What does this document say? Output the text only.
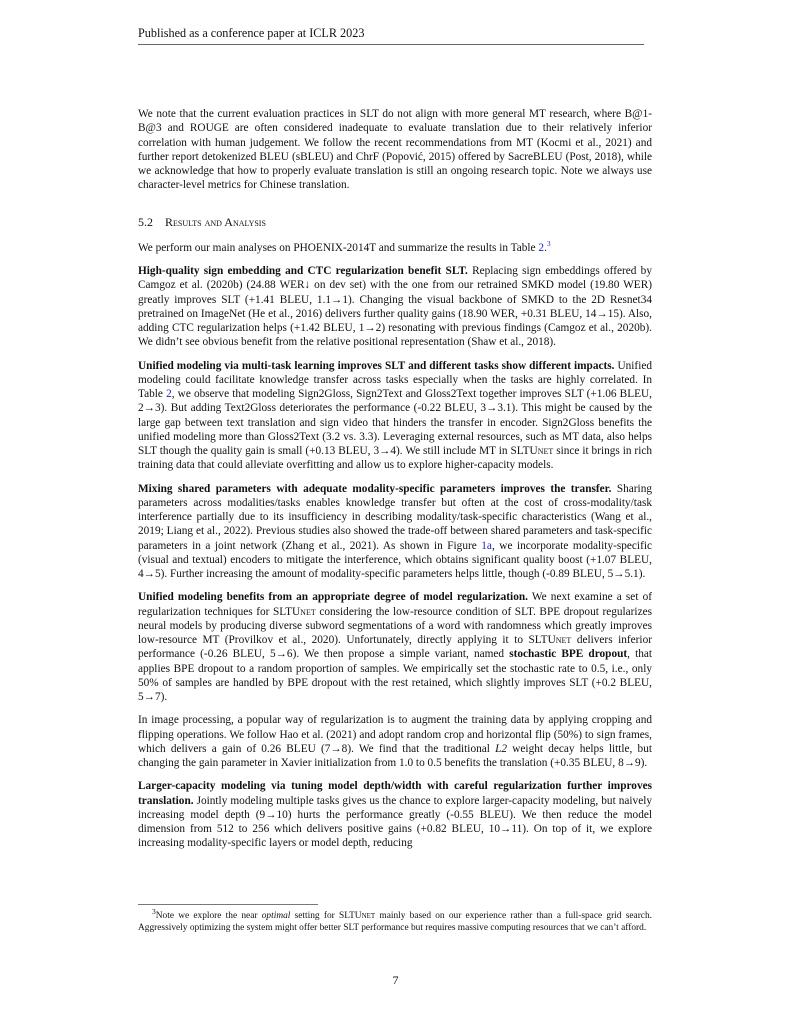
Published as a conference paper at ICLR 2023

We note that the current evaluation practices in SLT do not align with more general MT research, where B@1-B@3 and ROUGE are often considered inadequate to evaluate translation due to their relatively inferior correlation with human judgement. We follow the recent recommendations from MT (Kocmi et al., 2021) and further report detokenized BLEU (sBLEU) and ChrF (Popović, 2015) offered by SacreBLEU (Post, 2018), while we acknowledge that how to properly evaluate translation is still an ongoing research topic. Note we always use character-level metrics for Chinese translation.

5.2 Results and Analysis

We perform our main analyses on PHOENIX-2014T and summarize the results in Table 2.$^3$

High-quality sign embedding and CTC regularization benefit SLT. Replacing sign embeddings offered by Camgoz et al. (2020b) (24.88 WER↓ on dev set) with the one from our retrained SMKD model (19.80 WER) greatly improves SLT (+1.41 BLEU, 1.1→1). Changing the visual backbone of SMKD to the 2D Resnet34 pretrained on ImageNet (He et al., 2016) delivers further quality gains (18.90 WER, +0.31 BLEU, 14→15). Also, adding CTC regularization helps (+1.42 BLEU, 1→2) resonating with previous findings (Camgoz et al., 2020b). We didn’t see obvious benefit from the relative positional representation (Shaw et al., 2018).

Unified modeling via multi-task learning improves SLT and different tasks show different impacts. Unified modeling could facilitate knowledge transfer across tasks especially when the tasks are highly correlated. In Table 2, we observe that modeling Sign2Gloss, Sign2Text and Gloss2Text together improves SLT (+1.06 BLEU, 2→3). But adding Text2Gloss deteriorates the performance (-0.22 BLEU, 3→3.1). This might be caused by the large gap between text translation and sign video that hinders the transfer in encoder. Sign2Gloss benefits the unified modeling more than Gloss2Text (3.2 vs. 3.3). Leveraging external resources, such as MT data, also helps SLT though the quality gain is small (+0.13 BLEU, 3→4). We still include MT in SLTUnet since it brings in rich training data that could alleviate overfitting and allow us to explore higher-capacity models.

Mixing shared parameters with adequate modality-specific parameters improves the transfer. Sharing parameters across modalities/tasks enables knowledge transfer but often at the cost of cross-modality/task interference partially due to its insufficiency in describing modality/task-specific characteristics (Wang et al., 2019; Liang et al., 2022). Previous studies also showed the trade-off between shared parameters and task-specific parameters in a joint network (Zhang et al., 2021). As shown in Figure 1a, we incorporate modality-specific (visual and textual) encoders to mitigate the interference, which obtains significant quality boost (+1.07 BLEU, 4→5). Further increasing the amount of modality-specific parameters helps little, though (-0.89 BLEU, 5→5.1).

Unified modeling benefits from an appropriate degree of model regularization. We next examine a set of regularization techniques for SLTUnet considering the low-resource condition of SLT. BPE dropout regularizes neural models by producing diverse subword segmentations of a word with randomness which greatly improves low-resource MT (Provilkov et al., 2020). Unfortunately, directly applying it to SLTUnet delivers inferior performance (-0.26 BLEU, 5→6). We then propose a simple variant, named stochastic BPE dropout, that applies BPE dropout to a random proportion of samples. We empirically set the stochastic rate to 0.5, i.e., only 50% of samples are handled by BPE dropout with the rest retained, which slightly improves SLT (+0.2 BLEU, 5→7).

In image processing, a popular way of regularization is to augment the training data by applying cropping and flipping operations. We follow Hao et al. (2021) and adopt random crop and horizontal flip (50%) to sign frames, which delivers a gain of 0.26 BLEU (7→8). We find that the traditional L2 weight decay helps little, but changing the gain parameter in Xavier initialization from 1.0 to 0.5 benefits the translation (+0.35 BLEU, 8→9).

Larger-capacity modeling via tuning model depth/width with careful regularization further improves translation. Jointly modeling multiple tasks gives us the chance to explore larger-capacity modeling, but naively increasing model depth (9→10) hurts the performance greatly (-0.55 BLEU). We then reduce the model dimension from 512 to 256 which delivers positive gains (+0.82 BLEU, 10→11). On top of it, we explore increasing modality-specific layers or model depth, reducing

$^3$Note we explore the near optimal setting for SLTUnet mainly based on our experience rather than a full-space grid search. Aggressively optimizing the system might offer better SLT performance but requires massive computing resources that we can’t afford.
7
